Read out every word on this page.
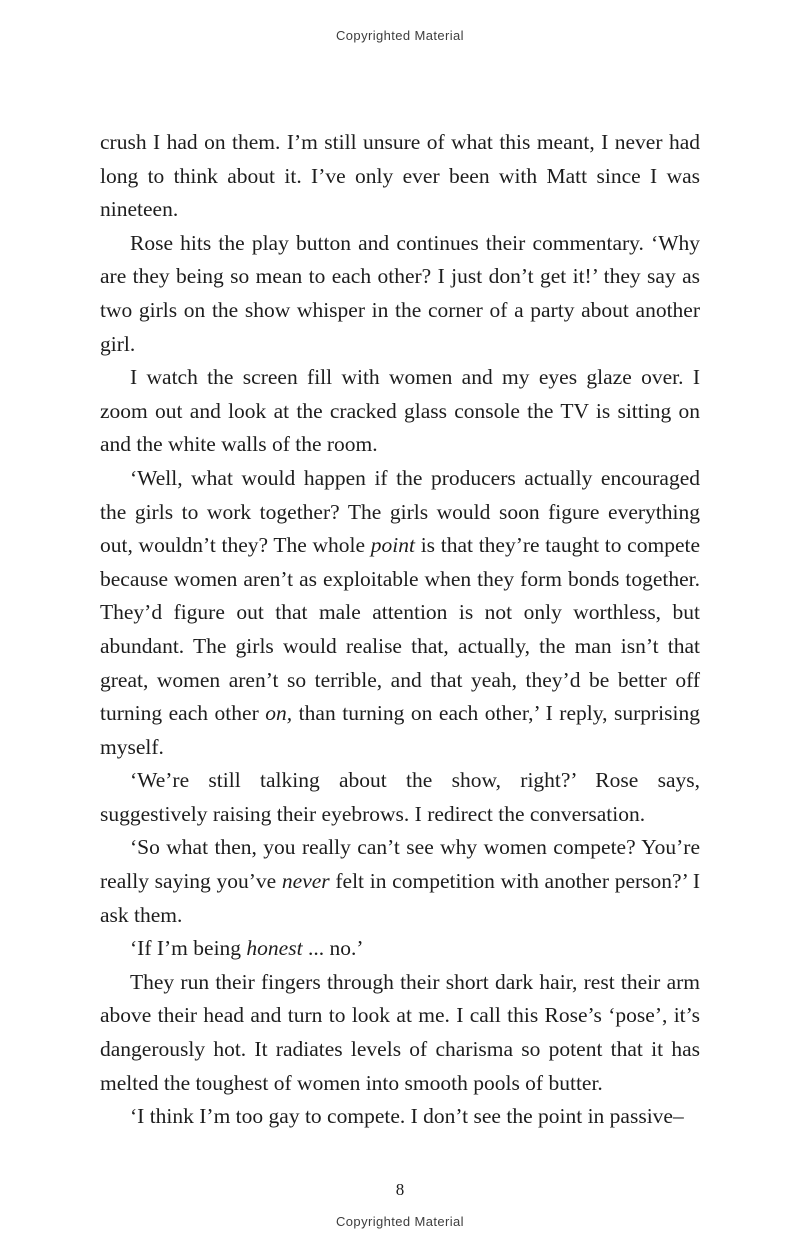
Copyrighted Material

crush I had on them. I’m still unsure of what this meant, I never had long to think about it. I’ve only ever been with Matt since I was nineteen.

Rose hits the play button and continues their commentary. ‘Why are they being so mean to each other? I just don’t get it!’ they say as two girls on the show whisper in the corner of a party about another girl.

I watch the screen fill with women and my eyes glaze over. I zoom out and look at the cracked glass console the TV is sitting on and the white walls of the room.

‘Well, what would happen if the producers actually encouraged the girls to work together? The girls would soon figure everything out, wouldn’t they? The whole point is that they’re taught to compete because women aren’t as exploitable when they form bonds together. They’d figure out that male attention is not only worthless, but abundant. The girls would realise that, actually, the man isn’t that great, women aren’t so terrible, and that yeah, they’d be better off turning each other on, than turning on each other,’ I reply, surprising myself.

‘We’re still talking about the show, right?’ Rose says, suggestively raising their eyebrows. I redirect the conversation.

‘So what then, you really can’t see why women compete? You’re really saying you’ve never felt in competition with another person?’ I ask them.

‘If I’m being honest ... no.’

They run their fingers through their short dark hair, rest their arm above their head and turn to look at me. I call this Rose’s ‘pose’, it’s dangerously hot. It radiates levels of charisma so potent that it has melted the toughest of women into smooth pools of butter.

‘I think I’m too gay to compete. I don’t see the point in passive–

8
Copyrighted Material
